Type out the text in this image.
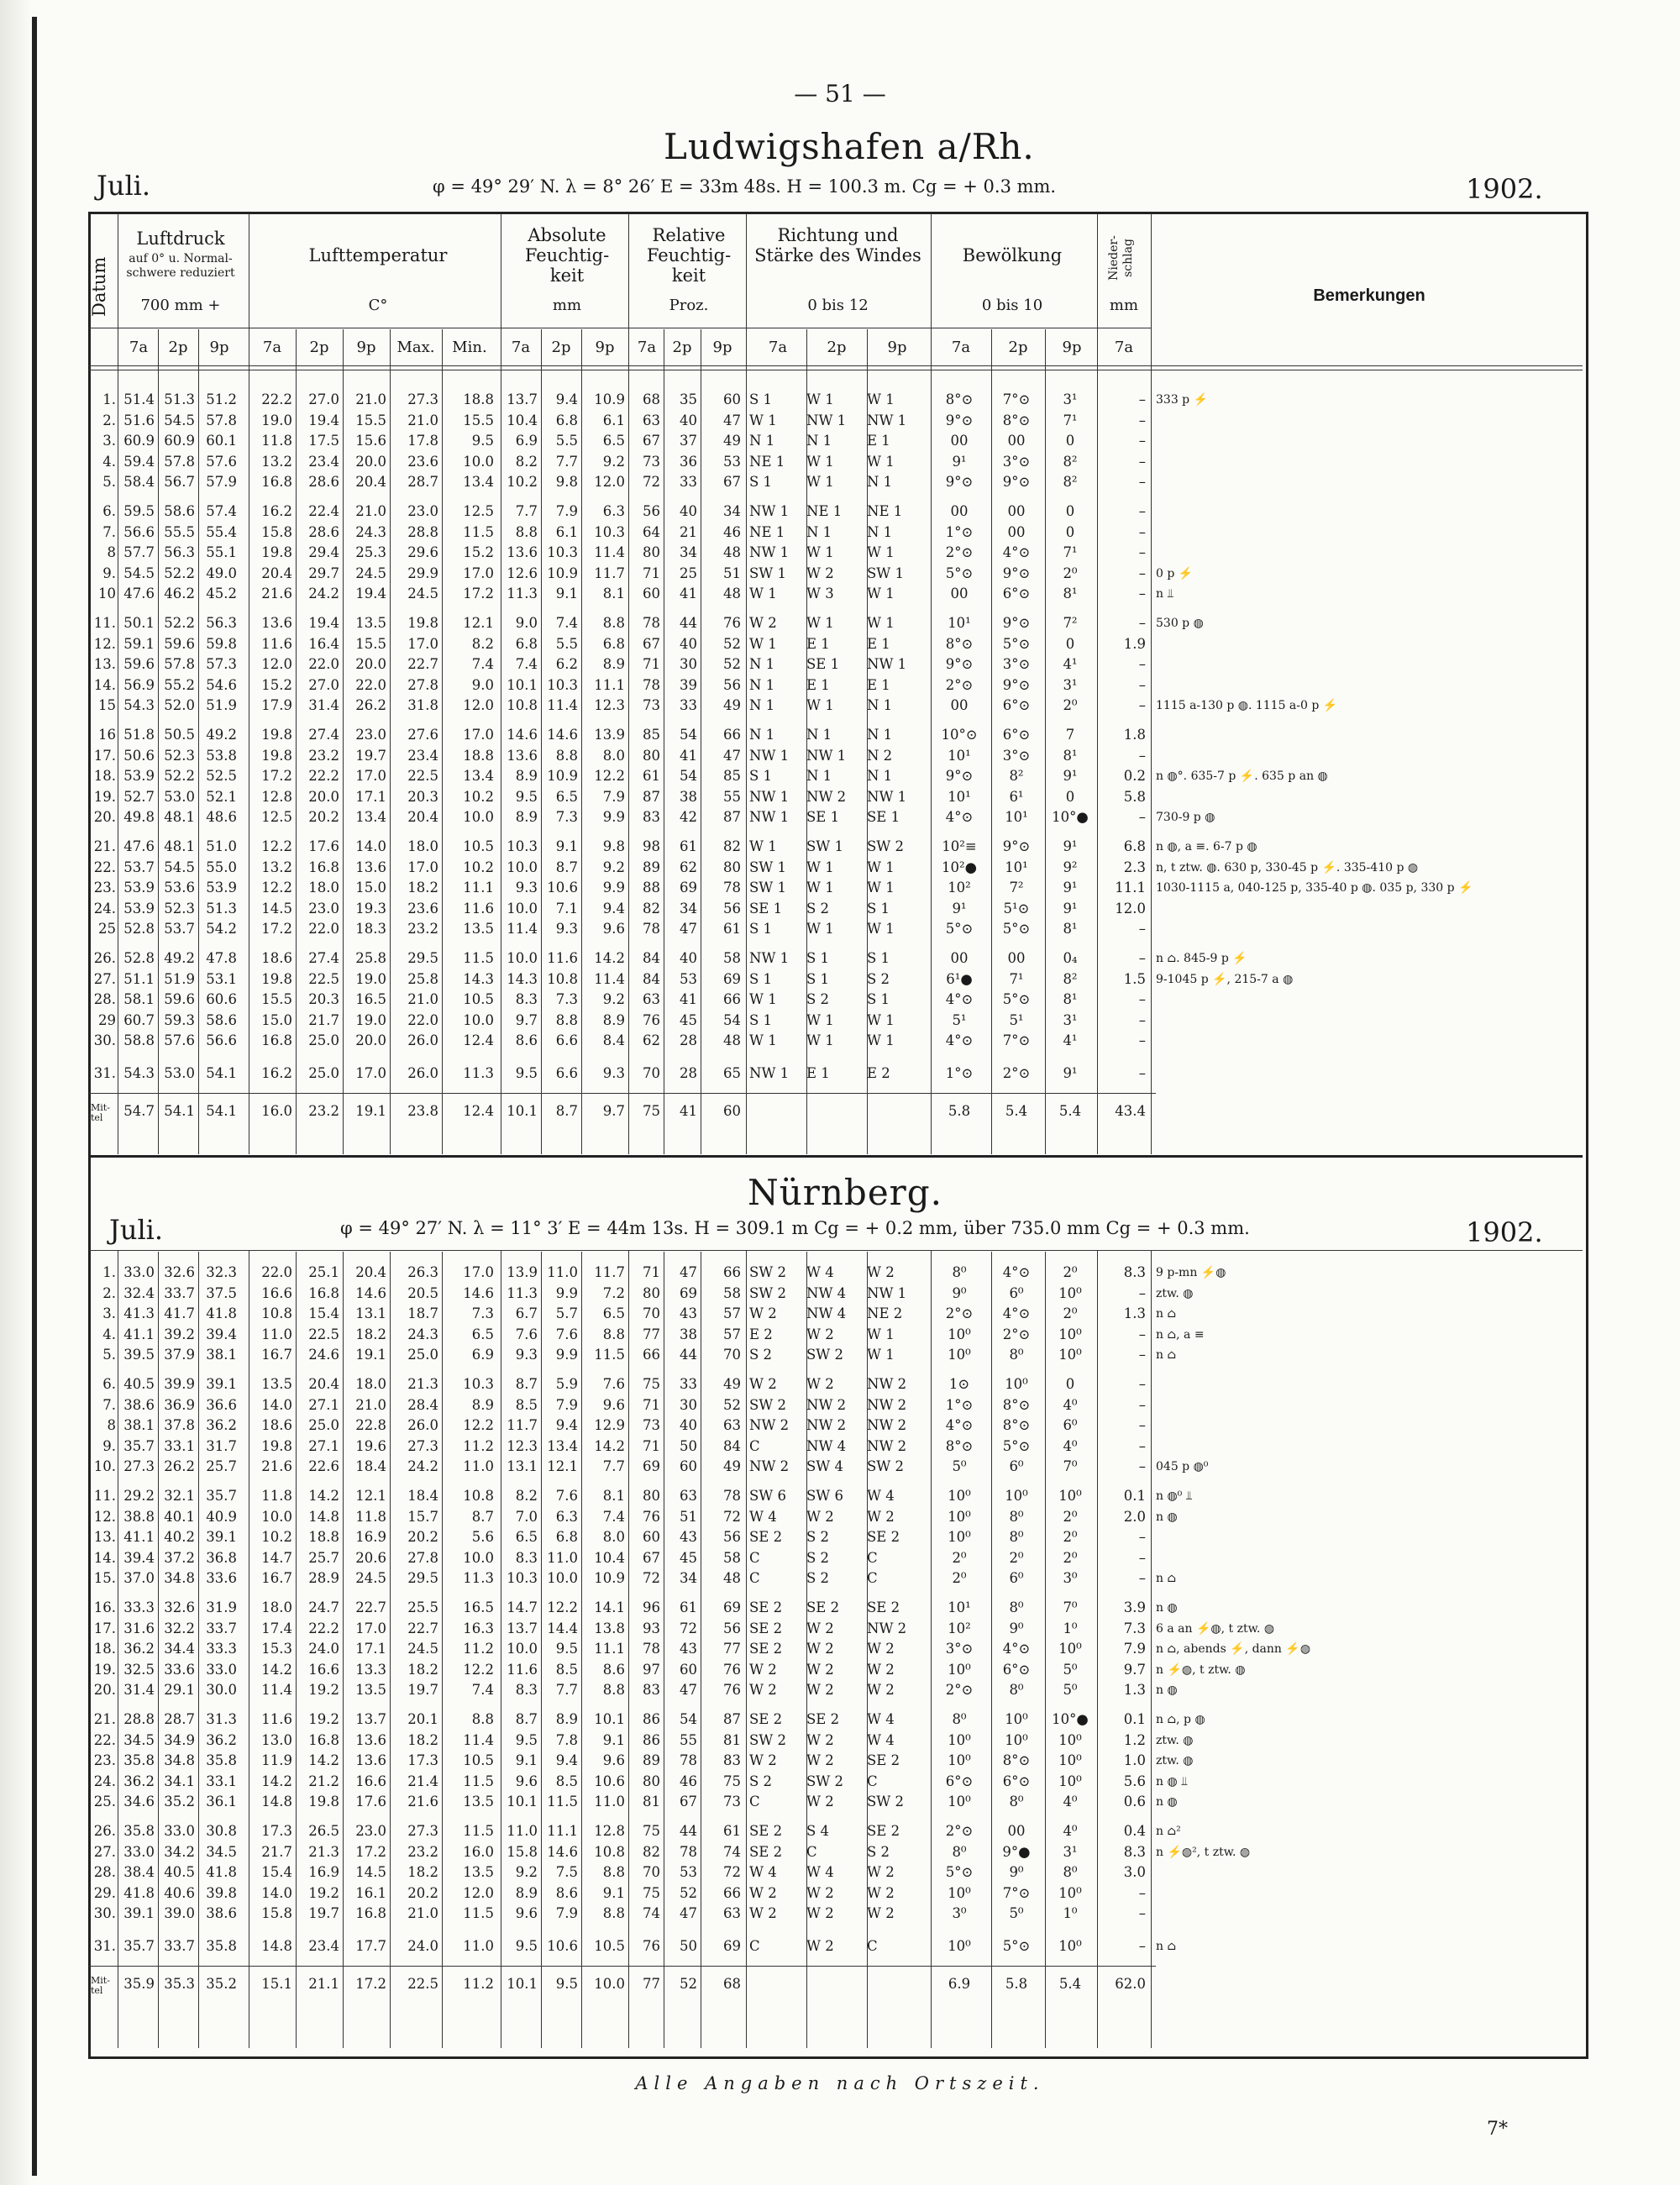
— 51 —
Ludwigshafen a/Rh.
Juli.	φ = 49° 29′ N. λ = 8° 26′ E = 33m 48s. H = 100.3 m. Cg = + 0.3 mm.	1902.
Datum
Luftdruck
auf 0° u. Normal-schwere reduziert
700 mm +
Lufttemperatur
C°
Absolute Feuchtig-keit
mm
Relative Feuchtig-keit
Proz.
Richtung und Stärke des Windes
0 bis 12
Bewölkung
0 bis 10
Nieder-schlag
mm
Bemerkungen
7a	2p	9p	7a	2p	9p	Max.	Min.	7a	2p	9p	7a	2p	9p	7a	2p	9p	7a	2p	9p	7a
1. 51.4 51.3 51.2	22.2	27.0	21.0	27.3	18.8 13.7	9.4	10.9	68	35	60 S 1	W 1	W 1	8°⊙	7°⊙	3¹	– 333 p ⚡
2. 51.6 54.5 57.8	19.0	19.4	15.5	21.0	15.5 10.4	6.8	6.1	63	40	47 W 1	NW 1	NW 1	9°⊙	8°⊙	7¹	–
3. 60.9 60.9 60.1	11.8	17.5	15.6	17.8	9.5	6.9	5.5	6.5	67	37	49 N 1	N 1	E 1	00	00	0	–
4. 59.4 57.8 57.6	13.2	23.4	20.0	23.6	10.0	8.2	7.7	9.2	73	36	53 NE 1	W 1	W 1	9¹	3°⊙	8²	–
5. 58.4 56.7 57.9	16.8	28.6	20.4	28.7	13.4 10.2	9.8	12.0	72	33	67 S 1	W 1	N 1	9°⊙	9°⊙	8²	–
6. 59.5 58.6 57.4	16.2	22.4	21.0	23.0	12.5	7.7	7.9	6.3	56	40	34 NW 1	NE 1	NE 1	00	00	0	–
7. 56.6 55.5 55.4	15.8	28.6	24.3	28.8	11.5	8.8	6.1	10.3	64	21	46 NE 1	N 1	N 1	1°⊙	00	0	–
8 57.7 56.3 55.1	19.8	29.4	25.3	29.6	15.2 13.6 10.3	11.4	80	34	48 NW 1	W 1	W 1	2°⊙	4°⊙	7¹	–
9. 54.5 52.2 49.0	20.4	29.7	24.5	29.9	17.0 12.6 10.9	11.7	71	25	51 SW 1	W 2	SW 1	5°⊙	9°⊙	2⁰	– 0 p ⚡
10 47.6 46.2 45.2	21.6	24.2	19.4	24.5	17.2 11.3	9.1	8.1	60	41	48 W 1	W 3	W 1	00	6°⊙	8¹	– n ⫫
11. 50.1 52.2 56.3	13.6	19.4	13.5	19.8	12.1	9.0	7.4	8.8	78	44	76 W 2	W 1	W 1	10¹	9°⊙	7²	– 530 p ◍
12. 59.1 59.6 59.8	11.6	16.4	15.5	17.0	8.2	6.8	5.5	6.8	67	40	52 W 1	E 1	E 1	8°⊙	5°⊙	0	1.9
13. 59.6 57.8 57.3	12.0	22.0	20.0	22.7	7.4	7.4	6.2	8.9	71	30	52 N 1	SE 1	NW 1	9°⊙	3°⊙	4¹	–
14. 56.9 55.2 54.6	15.2	27.0	22.0	27.8	9.0 10.1 10.3	11.1	78	39	56 N 1	E 1	E 1	2°⊙	9°⊙	3¹	–
15 54.3 52.0 51.9	17.9	31.4	26.2	31.8	12.0 10.8 11.4	12.3	73	33	49 N 1	W 1	N 1	00	6°⊙	2⁰	– 1115 a-130 p ◍. 1115 a-0 p ⚡
16 51.8 50.5 49.2	19.8	27.4	23.0	27.6	17.0 14.6 14.6	13.9	85	54	66 N 1	N 1	N 1	10°⊙	6°⊙	7	1.8
17. 50.6 52.3 53.8	19.8	23.2	19.7	23.4	18.8 13.6	8.8	8.0	80	41	47 NW 1	NW 1	N 2	10¹	3°⊙	8¹	–
18. 53.9 52.2 52.5	17.2	22.2	17.0	22.5	13.4	8.9 10.9	12.2	61	54	85 S 1	N 1	N 1	9°⊙	8²	9¹	0.2 n ◍°. 635-7 p ⚡. 635 p an ◍
19. 52.7 53.0 52.1	12.8	20.0	17.1	20.3	10.2	9.5	6.5	7.9	87	38	55 NW 1	NW 2	NW 1	10¹	6¹	0	5.8
20. 49.8 48.1 48.6	12.5	20.2	13.4	20.4	10.0	8.9	7.3	9.9	83	42	87 NW 1	SE 1	SE 1	4°⊙	10¹	10°●	– 730-9 p ◍
21. 47.6 48.1 51.0	12.2	17.6	14.0	18.0	10.5 10.3	9.1	9.8	98	61	82 W 1	SW 1	SW 2	10²≡	9°⊙	9¹	6.8 n ◍, a ≡. 6-7 p ◍
22. 53.7 54.5 55.0	13.2	16.8	13.6	17.0	10.2 10.0	8.7	9.2	89	62	80 SW 1	W 1	W 1	10²●	10¹	9²	2.3 n, t ztw. ◍. 630 p, 330-45 p ⚡. 335-410 p ◍
23. 53.9 53.6 53.9	12.2	18.0	15.0	18.2	11.1	9.3 10.6	9.9	88	69	78 SW 1	W 1	W 1	10²	7²	9¹	11.1 1030-1115 a, 040-125 p, 335-40 p ◍. 035 p, 330 p ⚡
24. 53.9 52.3 51.3	14.5	23.0	19.3	23.6	11.6 10.0	7.1	9.4	82	34	56 SE 1	S 2	S 1	9¹	5¹⊙	9¹	12.0
25 52.8 53.7 54.2	17.2	22.0	18.3	23.2	13.5 11.4	9.3	9.6	78	47	61 S 1	W 1	W 1	5°⊙	5°⊙	8¹	–
26. 52.8 49.2 47.8	18.6	27.4	25.8	29.5	11.5 10.0 11.6	14.2	84	40	58 NW 1	S 1	S 1	00	00	0₄	– n ⌂. 845-9 p ⚡
27. 51.1 51.9 53.1	19.8	22.5	19.0	25.8	14.3 14.3 10.8	11.4	84	53	69 S 1	S 1	S 2	6¹●	7¹	8²	1.5 9-1045 p ⚡, 215-7 a ◍
28. 58.1 59.6 60.6	15.5	20.3	16.5	21.0	10.5	8.3	7.3	9.2	63	41	66 W 1	S 2	S 1	4°⊙	5°⊙	8¹	–
29 60.7 59.3 58.6	15.0	21.7	19.0	22.0	10.0	9.7	8.8	8.9	76	45	54 S 1	W 1	W 1	5¹	5¹	3¹	–
30. 58.8 57.6 56.6	16.8	25.0	20.0	26.0	12.4	8.6	6.6	8.4	62	28	48 W 1	W 1	W 1	4°⊙	7°⊙	4¹	–
31. 54.3 53.0 54.1	16.2	25.0	17.0	26.0	11.3	9.5	6.6	9.3	70	28	65 NW 1	E 1	E 2	1°⊙	2°⊙	9¹	–
Mit-tel	54.7 54.1 54.1	16.0	23.2	19.1	23.8	12.4 10.1	8.7	9.7	75	41	60	5.8	5.4	5.4	43.4
Nürnberg.
Juli.	φ = 49° 27′ N. λ = 11° 3′ E = 44m 13s. H = 309.1 m Cg = + 0.2 mm, über 735.0 mm Cg = + 0.3 mm.	1902.
1. 33.0 32.6 32.3	22.0	25.1	20.4	26.3	17.0 13.9 11.0	11.7	71	47	66 SW 2	W 4	W 2	8⁰	4°⊙	2⁰	8.3 9 p-mn ⚡◍
2. 32.4 33.7 37.5	16.6	16.8	14.6	20.5	14.6 11.3	9.9	7.2	80	69	58 SW 2	NW 4	NW 1	9⁰	6⁰	10⁰	– ztw. ◍
3. 41.3 41.7 41.8	10.8	15.4	13.1	18.7	7.3	6.7	5.7	6.5	70	43	57 W 2	NW 4	NE 2	2°⊙	4°⊙	2⁰	1.3 n ⌂
4. 41.1 39.2 39.4	11.0	22.5	18.2	24.3	6.5	7.6	7.6	8.8	77	38	57 E 2	W 2	W 1	10⁰	2°⊙	10⁰	– n ⌂, a ≡
5. 39.5 37.9 38.1	16.7	24.6	19.1	25.0	6.9	9.3	9.9	11.5	66	44	70 S 2	SW 2	W 1	10⁰	8⁰	10⁰	– n ⌂
6. 40.5 39.9 39.1	13.5	20.4	18.0	21.3	10.3	8.7	5.9	7.6	75	33	49 W 2	W 2	NW 2	1⊙	10⁰	0	–
7. 38.6 36.9 36.6	14.0	27.1	21.0	28.4	8.9	8.5	7.9	9.6	71	30	52 SW 2	NW 2	NW 2	1°⊙	8°⊙	4⁰	–
8 38.1 37.8 36.2	18.6	25.0	22.8	26.0	12.2 11.7	9.4	12.9	73	40	63 NW 2	NW 2	NW 2	4°⊙	8°⊙	6⁰	–
9. 35.7 33.1 31.7	19.8	27.1	19.6	27.3	11.2 12.3 13.4	14.2	71	50	84 C	NW 4	NW 2	8°⊙	5°⊙	4⁰	–
10. 27.3 26.2 25.7	21.6	22.6	18.4	24.2	11.0 13.1 12.1	7.7	69	60	49 NW 2	SW 4	SW 2	5⁰	6⁰	7⁰	– 045 p ◍⁰
11. 29.2 32.1 35.7	11.8	14.2	12.1	18.4	10.8	8.2	7.6	8.1	80	63	78 SW 6	SW 6	W 4	10⁰	10⁰	10⁰	0.1 n ◍⁰ ⫫
12. 38.8 40.1 40.9	10.0	14.8	11.8	15.7	8.7	7.0	6.3	7.4	76	51	72 W 4	W 2	W 2	10⁰	8⁰	2⁰	2.0 n ◍
13. 41.1 40.2 39.1	10.2	18.8	16.9	20.2	5.6	6.5	6.8	8.0	60	43	56 SE 2	S 2	SE 2	10⁰	8⁰	2⁰	–
14. 39.4 37.2 36.8	14.7	25.7	20.6	27.8	10.0	8.3 11.0	10.4	67	45	58 C	S 2	C	2⁰	2⁰	2⁰	–
15. 37.0 34.8 33.6	16.7	28.9	24.5	29.5	11.3 10.3 10.0	10.9	72	34	48 C	S 2	C	2⁰	6⁰	3⁰	– n ⌂
16. 33.3 32.6 31.9	18.0	24.7	22.7	25.5	16.5 14.7 12.2	14.1	96	61	69 SE 2	SE 2	SE 2	10¹	8⁰	7⁰	3.9 n ◍
17. 31.6 32.2 33.7	17.4	22.2	17.0	22.7	16.3 13.7 14.4	13.8	93	72	56 SE 2	W 2	NW 2	10²	9⁰	1⁰	7.3 6 a an ⚡◍, t ztw. ◍
18. 36.2 34.4 33.3	15.3	24.0	17.1	24.5	11.2 10.0	9.5	11.1	78	43	77 SE 2	W 2	W 2	3°⊙	4°⊙	10⁰	7.9 n ⌂, abends ⚡, dann ⚡◍
19. 32.5 33.6 33.0	14.2	16.6	13.3	18.2	12.2 11.6	8.5	8.6	97	60	76 W 2	W 2	W 2	10⁰	6°⊙	5⁰	9.7 n ⚡◍, t ztw. ◍
20. 31.4 29.1 30.0	11.4	19.2	13.5	19.7	7.4	8.3	7.7	8.8	83	47	76 W 2	W 2	W 2	2°⊙	8⁰	5⁰	1.3 n ◍
21. 28.8 28.7 31.3	11.6	19.2	13.7	20.1	8.8	8.7	8.9	10.1	86	54	87 SE 2	SE 2	W 4	8⁰	10⁰	10°●	0.1 n ⌂, p ◍
22. 34.5 34.9 36.2	13.0	16.8	13.6	18.2	11.4	9.5	7.8	9.1	86	55	81 SW 2	W 2	W 4	10⁰	10⁰	10⁰	1.2 ztw. ◍
23. 35.8 34.8 35.8	11.9	14.2	13.6	17.3	10.5	9.1	9.4	9.6	89	78	83 W 2	W 2	SE 2	10⁰	8°⊙	10⁰	1.0 ztw. ◍
24. 36.2 34.1 33.1	14.2	21.2	16.6	21.4	11.5	9.6	8.5	10.6	80	46	75 S 2	SW 2	C	6°⊙	6°⊙	10⁰	5.6 n ◍ ⫫
25. 34.6 35.2 36.1	14.8	19.8	17.6	21.6	13.5 10.1 11.5	11.0	81	67	73 C	W 2	SW 2	10⁰	8⁰	4⁰	0.6 n ◍
26. 35.8 33.0 30.8	17.3	26.5	23.0	27.3	11.5 11.0 11.1	12.8	75	44	61 SE 2	S 4	SE 2	2°⊙	00	4⁰	0.4 n ⌂²
27. 33.0 34.2 34.5	21.7	21.3	17.2	23.2	16.0 15.8 14.6	10.8	82	78	74 SE 2	C	S 2	8⁰	9°●	3¹	8.3 n ⚡◍², t ztw. ◍
28. 38.4 40.5 41.8	15.4	16.9	14.5	18.2	13.5	9.2	7.5	8.8	70	53	72 W 4	W 4	W 2	5°⊙	9⁰	8⁰	3.0
29. 41.8 40.6 39.8	14.0	19.2	16.1	20.2	12.0	8.9	8.6	9.1	75	52	66 W 2	W 2	W 2	10⁰	7°⊙	10⁰	–
30. 39.1 39.0 38.6	15.8	19.7	16.8	21.0	11.5	9.6	7.9	8.8	74	47	63 W 2	W 2	W 2	3⁰	5⁰	1⁰	–
31. 35.7 33.7 35.8	14.8	23.4	17.7	24.0	11.0	9.5 10.6	10.5	76	50	69 C	W 2	C	10⁰	5°⊙	10⁰	– n ⌂
Mit-tel	35.9 35.3 35.2	15.1	21.1	17.2	22.5	11.2 10.1	9.5	10.0	77	52	68	6.9	5.8	5.4	62.0
Alle Angaben nach Ortszeit.
7*
